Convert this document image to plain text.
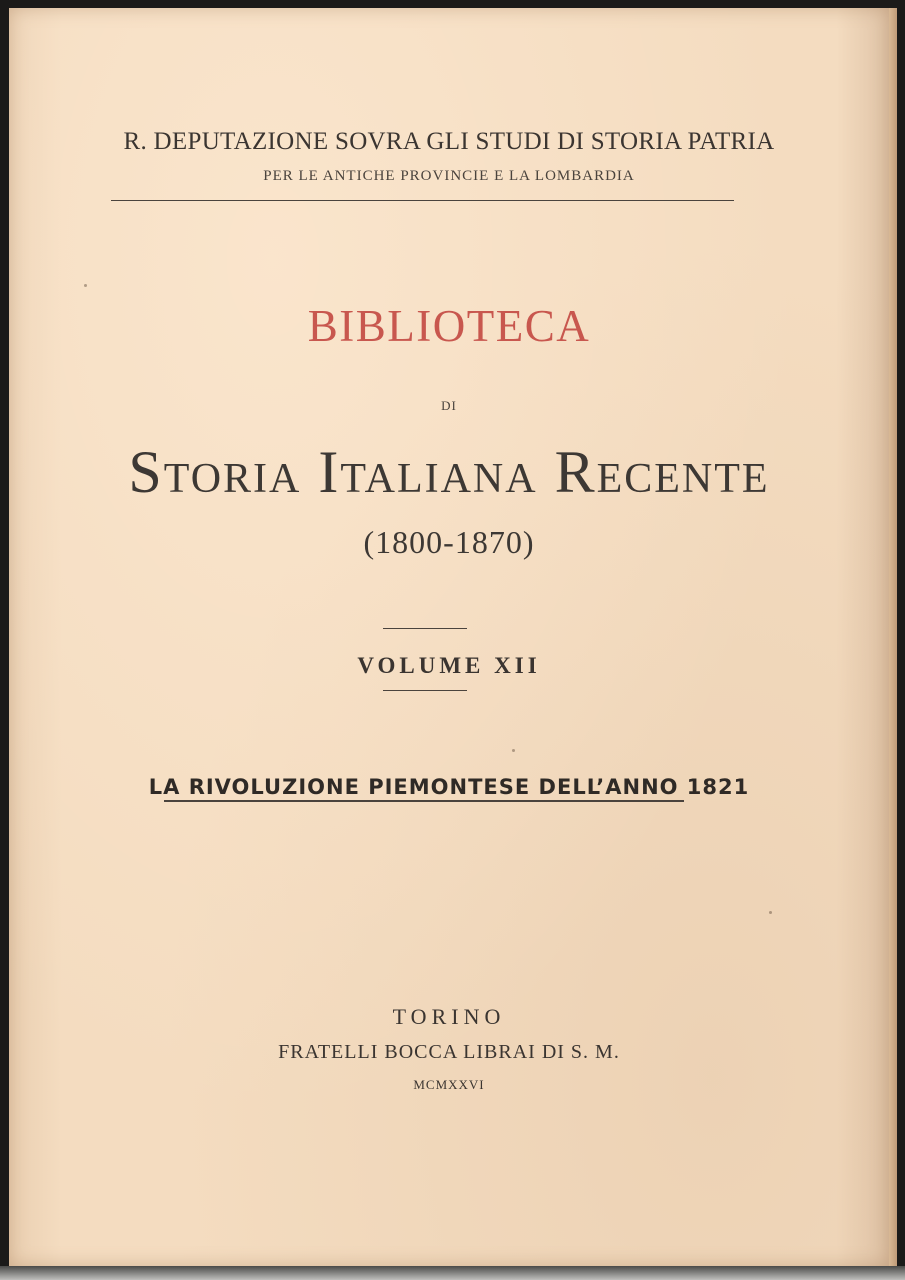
R. DEPUTAZIONE SOVRA GLI STUDI DI STORIA PATRIA
PER LE ANTICHE PROVINCIE E LA LOMBARDIA
BIBLIOTECA
DI
Storia Italiana Recente
(1800-1870)
VOLUME XII
LA RIVOLUZIONE PIEMONTESE DELL’ANNO 1821
TORINO
FRATELLI BOCCA LIBRAI DI S. M.
MCMXXVI
